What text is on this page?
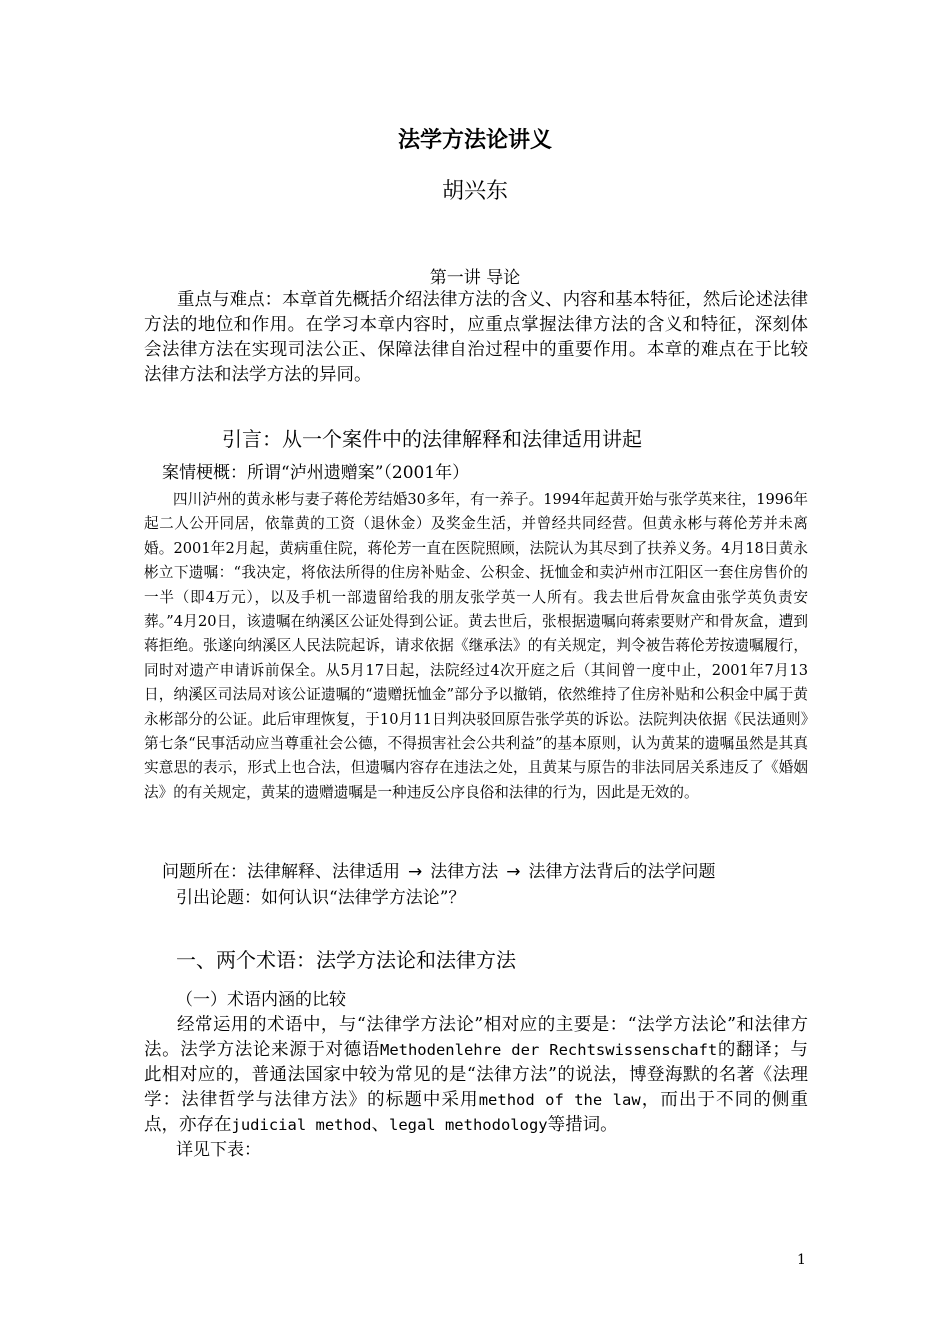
法学方法论讲义
胡兴东

第一讲 导论

重点与难点：本章首先概括介绍法律方法的含义、内容和基本特征，然后论述法律方法的地位和作用。在学习本章内容时，应重点掌握法律方法的含义和特征，深刻体会法律方法在实现司法公正、保障法律自治过程中的重要作用。本章的难点在于比较法律方法和法学方法的异同。

引言：从一个案件中的法律解释和法律适用讲起

案情梗概：所谓“泸州遗赠案”（2001年）

四川泸州的黄永彬与妻子蒋伦芳结婚30多年，有一养子。1994年起黄开始与张学英来往，1996年起二人公开同居，依靠黄的工资（退休金）及奖金生活，并曾经共同经营。但黄永彬与蒋伦芳并未离婚。2001年2月起，黄病重住院，蒋伦芳一直在医院照顾，法院认为其尽到了扶养义务。4月18日黄永彬立下遗嘱：“我决定，将依法所得的住房补贴金、公积金、抚恤金和卖泸州市江阳区一套住房售价的一半（即4万元），以及手机一部遗留给我的朋友张学英一人所有。我去世后骨灰盒由张学英负责安葬。”4月20日，该遗嘱在纳溪区公证处得到公证。黄去世后，张根据遗嘱向蒋索要财产和骨灰盒，遭到蒋拒绝。张遂向纳溪区人民法院起诉，请求依据《继承法》的有关规定，判令被告蒋伦芳按遗嘱履行，同时对遗产申请诉前保全。从5月17日起，法院经过4次开庭之后（其间曾一度中止，2001年7月13日，纳溪区司法局对该公证遗嘱的“遗赠抚恤金”部分予以撤销，依然维持了住房补贴和公积金中属于黄永彬部分的公证。此后审理恢复，于10月11日判决驳回原告张学英的诉讼。法院判决依据《民法通则》第七条“民事活动应当尊重社会公德，不得损害社会公共利益”的基本原则，认为黄某的遗嘱虽然是其真实意思的表示，形式上也合法，但遗嘱内容存在违法之处，且黄某与原告的非法同居关系违反了《婚姻法》的有关规定，黄某的遗赠遗嘱是一种违反公序良俗和法律的行为，因此是无效的。

问题所在：法律解释、法律适用 → 法律方法 → 法律方法背后的法学问题

引出论题：如何认识“法律学方法论”？

一、两个术语：法学方法论和法律方法

（一）术语内涵的比较

经常运用的术语中，与“法律学方法论”相对应的主要是：“法学方法论”和法律方法。法学方法论来源于对德语Methodenlehre der Rechtswissenschaft的翻译；与此相对应的，普通法国家中较为常见的是“法律方法”的说法，博登海默的名著《法理学：法律哲学与法律方法》的标题中采用method of the law，而出于不同的侧重点，亦存在judicial method、legal methodology等措词。

详见下表：

1
